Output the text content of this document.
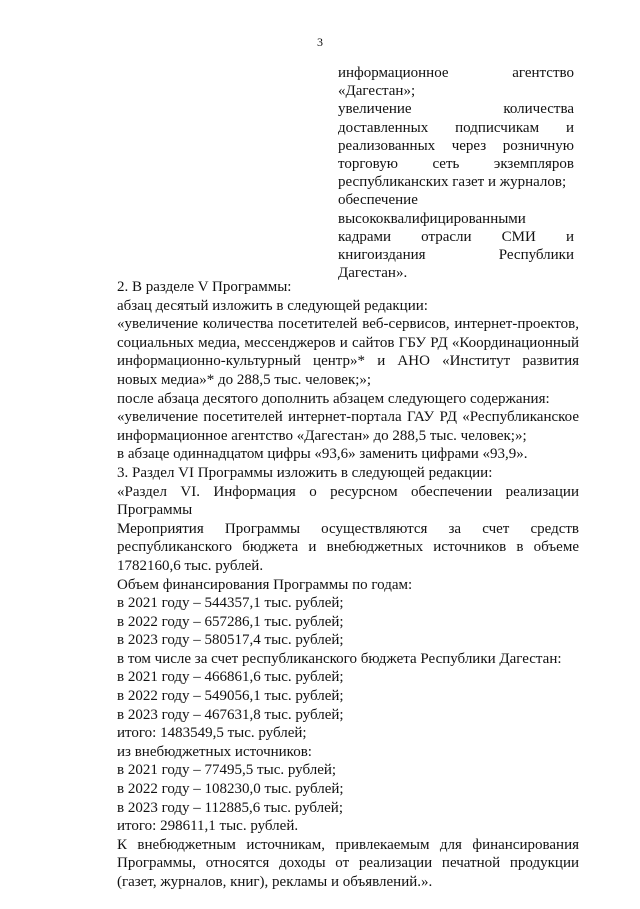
3

информационное агентство «Дагестан»;

увеличение количества доставленных подписчикам и реализованных через розничную торговую сеть экземпляров республиканских газет и журналов;

обеспечение высококвалифицированными кадрами отрасли СМИ и книгоиздания Республики Дагестан».

2. В разделе V Программы:

абзац десятый изложить в следующей редакции:

«увеличение количества посетителей веб-сервисов, интернет-проектов, социальных медиа, мессенджеров и сайтов ГБУ РД «Координационный информационно-культурный центр»* и АНО «Институт развития новых медиа»* до 288,5 тыс. человек;»;

после абзаца десятого дополнить абзацем следующего содержания:

«увеличение посетителей интернет-портала ГАУ РД «Республиканское информационное агентство «Дагестан» до 288,5 тыс. человек;»;

в абзаце одиннадцатом цифры «93,6» заменить цифрами «93,9».

3. Раздел VI Программы изложить в следующей редакции:

«Раздел VI. Информация о ресурсном обеспечении реализации Программы

Мероприятия Программы осуществляются за счет средств республиканского бюджета и внебюджетных источников в объеме 1782160,6 тыс. рублей.

Объем финансирования Программы по годам:

в 2021 году – 544357,1 тыс. рублей;

в 2022 году – 657286,1 тыс. рублей;

в 2023 году – 580517,4 тыс. рублей;

в том числе за счет республиканского бюджета Республики Дагестан:

в 2021 году – 466861,6 тыс. рублей;

в 2022 году – 549056,1 тыс. рублей;

в 2023 году – 467631,8 тыс. рублей;

итого: 1483549,5 тыс. рублей;

из внебюджетных источников:

в 2021 году – 77495,5 тыс. рублей;

в 2022 году – 108230,0 тыс. рублей;

в 2023 году – 112885,6 тыс. рублей;

итого: 298611,1 тыс. рублей.

К внебюджетным источникам, привлекаемым для финансирования Программы, относятся доходы от реализации печатной продукции (газет, журналов, книг), рекламы и объявлений.».
